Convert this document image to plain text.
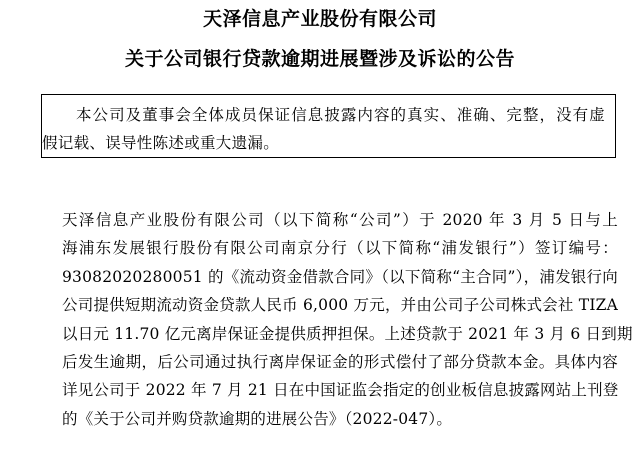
天泽信息产业股份有限公司
关于公司银行贷款逾期进展暨涉及诉讼的公告
本公司及董事会全体成员保证信息披露内容的真实、准确、完整，没有虚
假记载、误导性陈述或重大遗漏。
天泽信息产业股份有限公司（以下简称“公司”）于 2020 年 3 月 5 日与上
海浦东发展银行股份有限公司南京分行（以下简称“浦发银行”）签订编号：
93082020280051 的《流动资金借款合同》（以下简称“主合同”），浦发银行向
公司提供短期流动资金贷款人民币 6,000 万元，并由公司子公司株式会社 TIZA
以日元 11.70 亿元离岸保证金提供质押担保。上述贷款于 2021 年 3 月 6 日到期
后发生逾期，后公司通过执行离岸保证金的形式偿付了部分贷款本金。具体内容
详见公司于 2022 年 7 月 21 日在中国证监会指定的创业板信息披露网站上刊登
的《关于公司并购贷款逾期的进展公告》（2022-047）。
